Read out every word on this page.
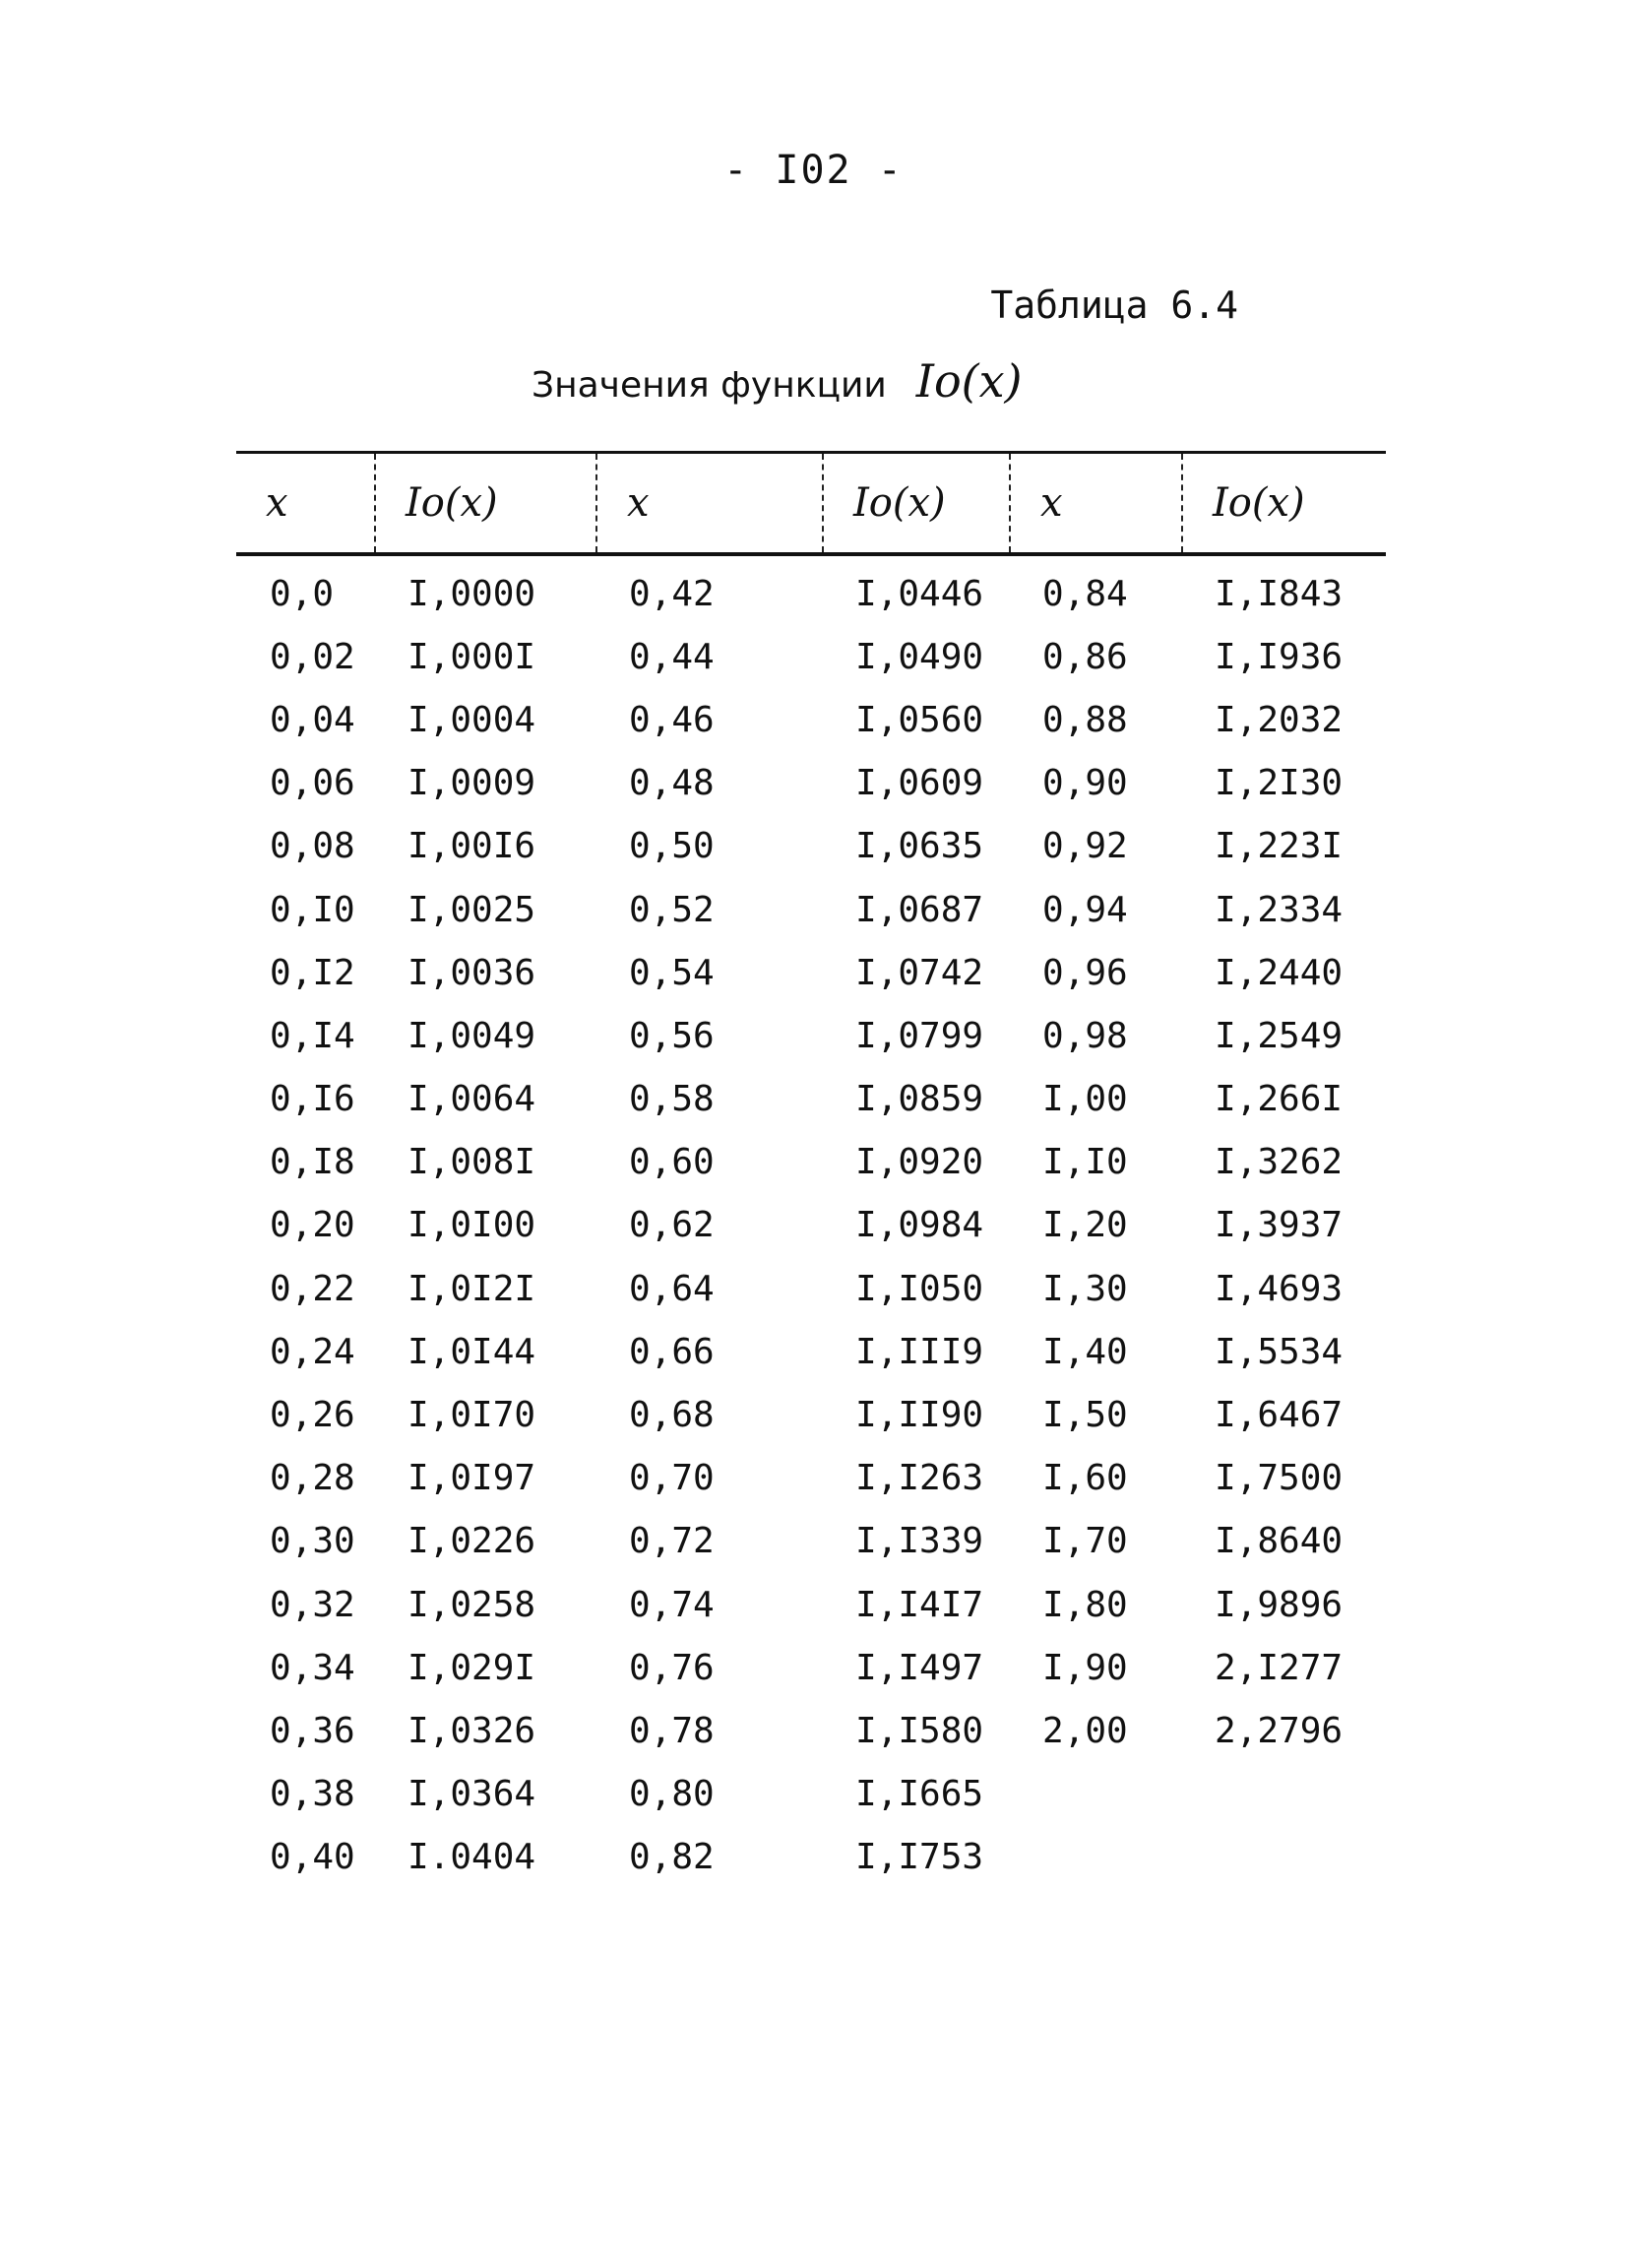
- I02 -
Таблица 6.4
Значения функции Io(x)
x	Io(x)	x	Io(x)	x	Io(x)
0,0	I,0000	0,42	I,0446	0,84	I,I843
0,02	I,000I	0,44	I,0490	0,86	I,I936
0,04	I,0004	0,46	I,0560	0,88	I,2032
0,06	I,0009	0,48	I,0609	0,90	I,2I30
0,08	I,00I6	0,50	I,0635	0,92	I,223I
0,I0	I,0025	0,52	I,0687	0,94	I,2334
0,I2	I,0036	0,54	I,0742	0,96	I,2440
0,I4	I,0049	0,56	I,0799	0,98	I,2549
0,I6	I,0064	0,58	I,0859	I,00	I,266I
0,I8	I,008I	0,60	I,0920	I,I0	I,3262
0,20	I,0I00	0,62	I,0984	I,20	I,3937
0,22	I,0I2I	0,64	I,I050	I,30	I,4693
0,24	I,0I44	0,66	I,III9	I,40	I,5534
0,26	I,0I70	0,68	I,II90	I,50	I,6467
0,28	I,0I97	0,70	I,I263	I,60	I,7500
0,30	I,0226	0,72	I,I339	I,70	I,8640
0,32	I,0258	0,74	I,I4I7	I,80	I,9896
0,34	I,029I	0,76	I,I497	I,90	2,I277
0,36	I,0326	0,78	I,I580	2,00	2,2796
0,38	I,0364	0,80	I,I665
0,40	I.0404	0,82	I,I753
